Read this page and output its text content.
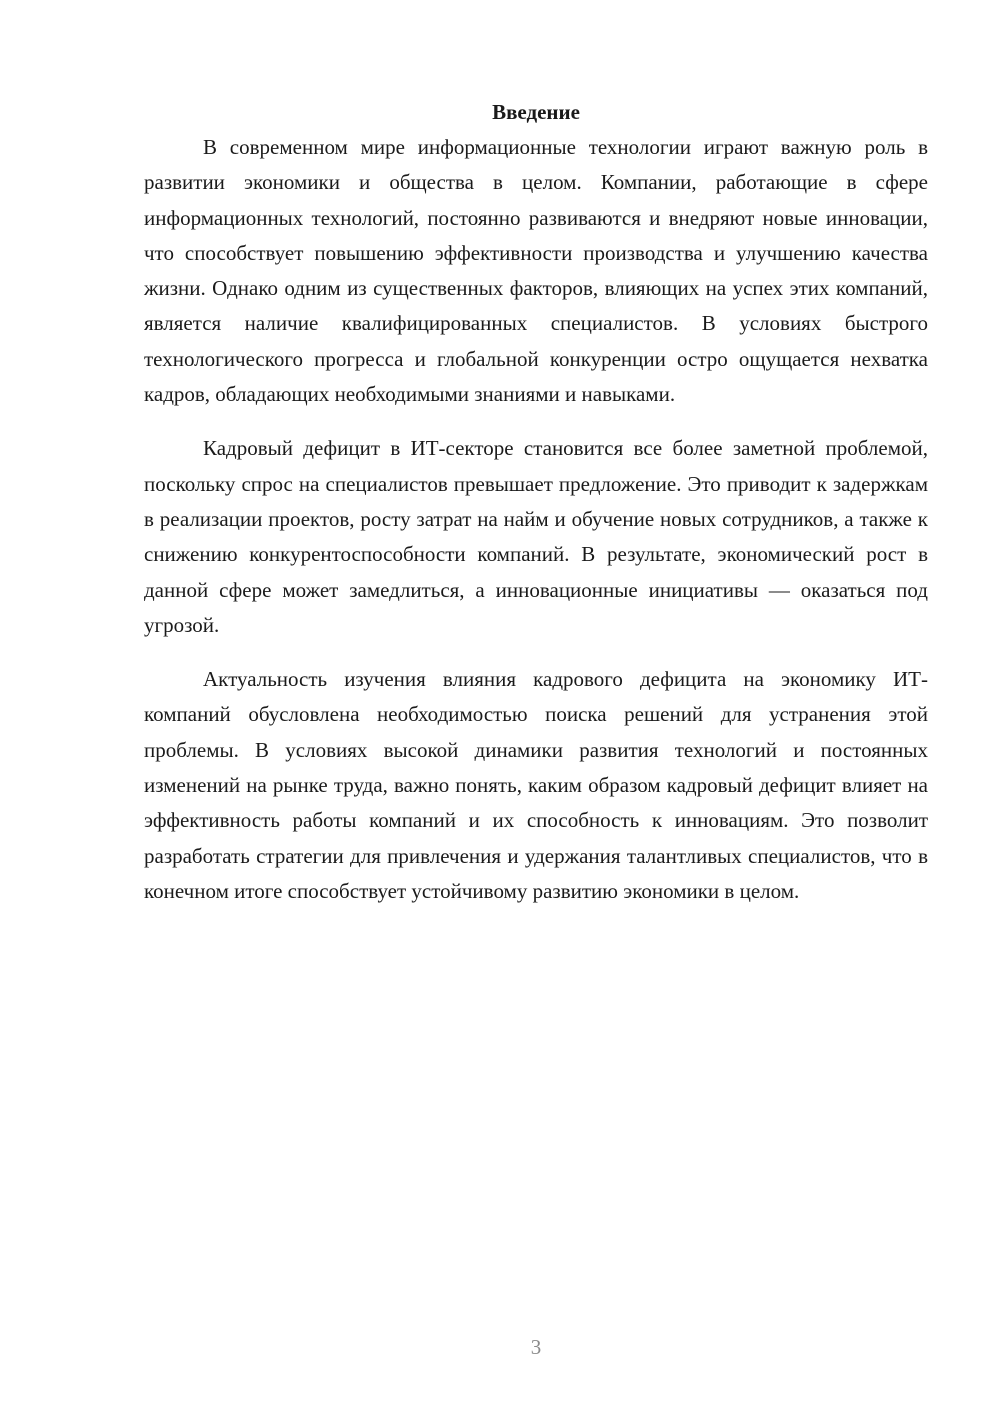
Введение

В современном мире информационные технологии играют важную роль в развитии экономики и общества в целом. Компании, работающие в сфере информационных технологий, постоянно развиваются и внедряют новые инновации, что способствует повышению эффективности производства и улучшению качества жизни. Однако одним из существенных факторов, влияющих на успех этих компаний, является наличие квалифицированных специалистов. В условиях быстрого технологического прогресса и глобальной конкуренции остро ощущается нехватка кадров, обладающих необходимыми знаниями и навыками.

Кадровый дефицит в ИТ-секторе становится все более заметной проблемой, поскольку спрос на специалистов превышает предложение. Это приводит к задержкам в реализации проектов, росту затрат на найм и обучение новых сотрудников, а также к снижению конкурентоспособности компаний. В результате, экономический рост в данной сфере может замедлиться, а инновационные инициативы — оказаться под угрозой.

Актуальность изучения влияния кадрового дефицита на экономику ИТ-компаний обусловлена необходимостью поиска решений для устранения этой проблемы. В условиях высокой динамики развития технологий и постоянных изменений на рынке труда, важно понять, каким образом кадровый дефицит влияет на эффективность работы компаний и их способность к инновациям. Это позволит разработать стратегии для привлечения и удержания талантливых специалистов, что в конечном итоге способствует устойчивому развитию экономики в целом.

3
